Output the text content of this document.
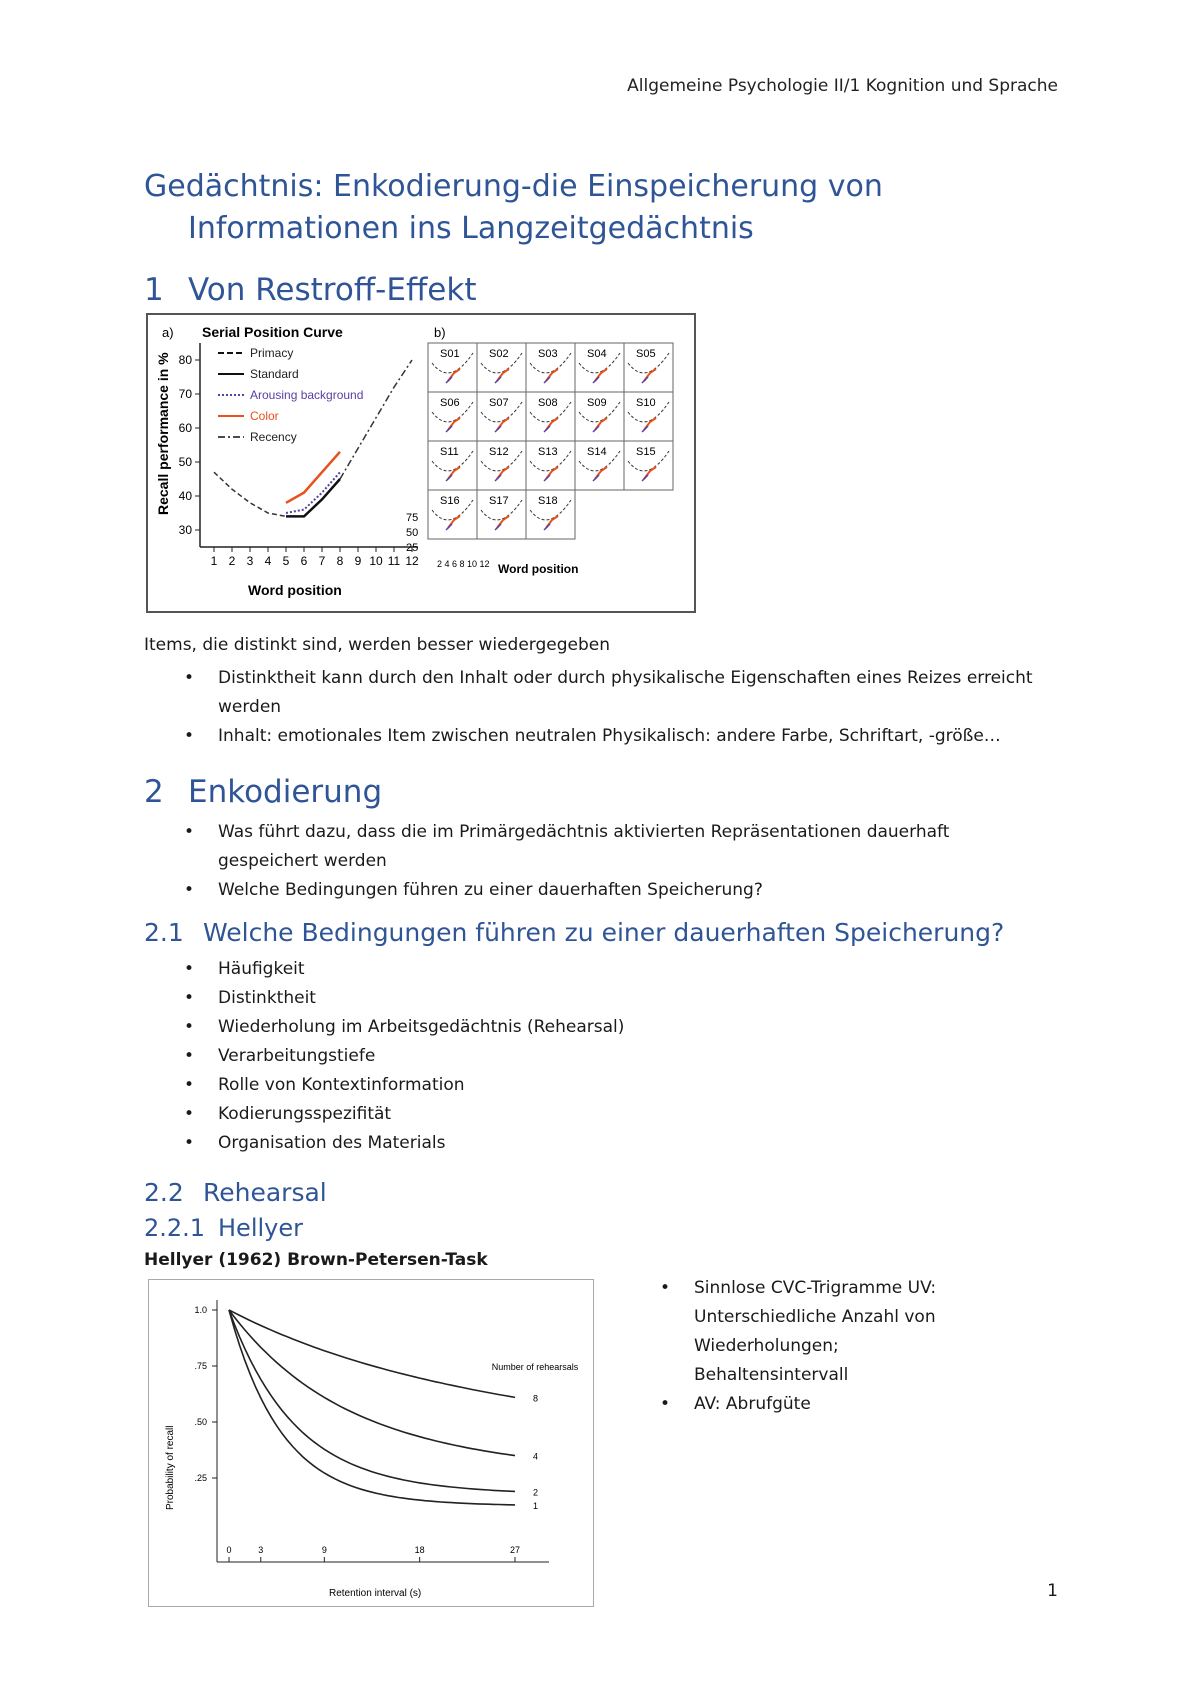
Allgemeine Psychologie II/1 Kognition und Sprache
Gedächtnis: Enkodierung-die Einspeicherung von
Informationen ins Langzeitgedächtnis
1 Von Restroff-Effekt
a) Serial Position Curve
Recall performance in % 80
70
60
50
40
30
1 2 3 4 5 6 7 8 9 10 11 12
Word position
Primacy
Standard
Arousing background
Color
Recency
b)
S01	S02	S03	S04	S05
S06	S07	S08	S09	S10
S11	S12	S13	S14	S15
S16	S17	S18
75
50
25
2 4 6 8 10 12 Word position
Items, die distinkt sind, werden besser wiedergegeben
• Distinktheit kann durch den Inhalt oder durch physikalische Eigenschaften eines Reizes erreicht werden
• Inhalt: emotionales Item zwischen neutralen Physikalisch: andere Farbe, Schriftart, -größe…
2 Enkodierung
• Was führt dazu, dass die im Primärgedächtnis aktivierten Repräsentationen dauerhaft gespeichert werden
• Welche Bedingungen führen zu einer dauerhaften Speicherung?
2.1 Welche Bedingungen führen zu einer dauerhaften Speicherung?
• Häufigkeit
• Distinktheit
• Wiederholung im Arbeitsgedächtnis (Rehearsal)
• Verarbeitungstiefe
• Rolle von Kontextinformation
• Kodierungsspezifität
• Organisation des Materials
2.2 Rehearsal
2.2.1 Hellyer
Hellyer (1962) Brown-Petersen-Task
Probability of recall
1.0
.75
.50
.25
0	3	9	18	27
Retention interval (s)
Number of rehearsals
8
4
2
1
• Sinnlose CVC-Trigramme UV: Unterschiedliche Anzahl von Wiederholungen; Behaltensintervall
• AV: Abrufgüte
1
